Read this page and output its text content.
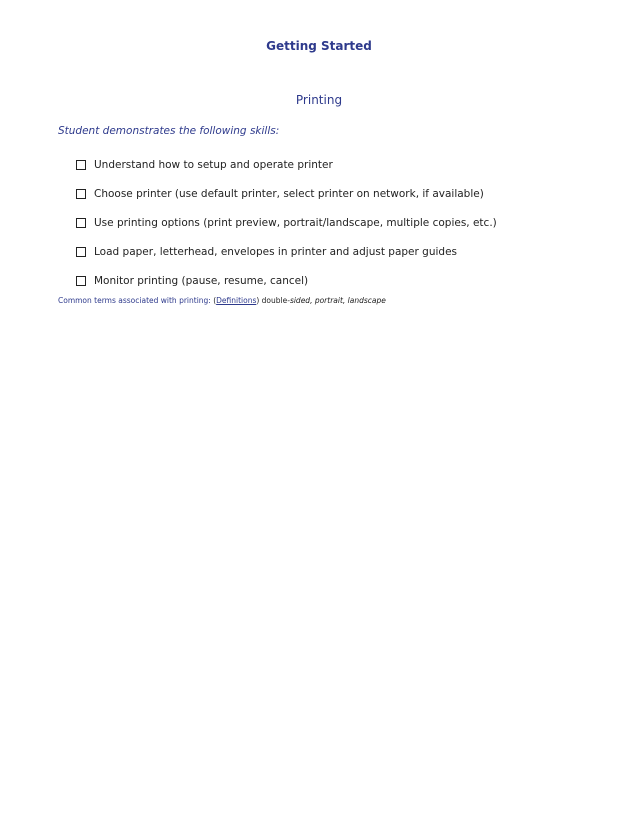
Getting Started
Printing
Student demonstrates the following skills:
Understand how to setup and operate printer
Choose printer (use default printer, select printer on network, if available)
Use printing options (print preview, portrait/landscape, multiple copies, etc.)
Load paper, letterhead, envelopes in printer and adjust paper guides
Monitor printing (pause, resume, cancel)
Common terms associated with printing: (Definitions) double-sided, portrait, landscape
